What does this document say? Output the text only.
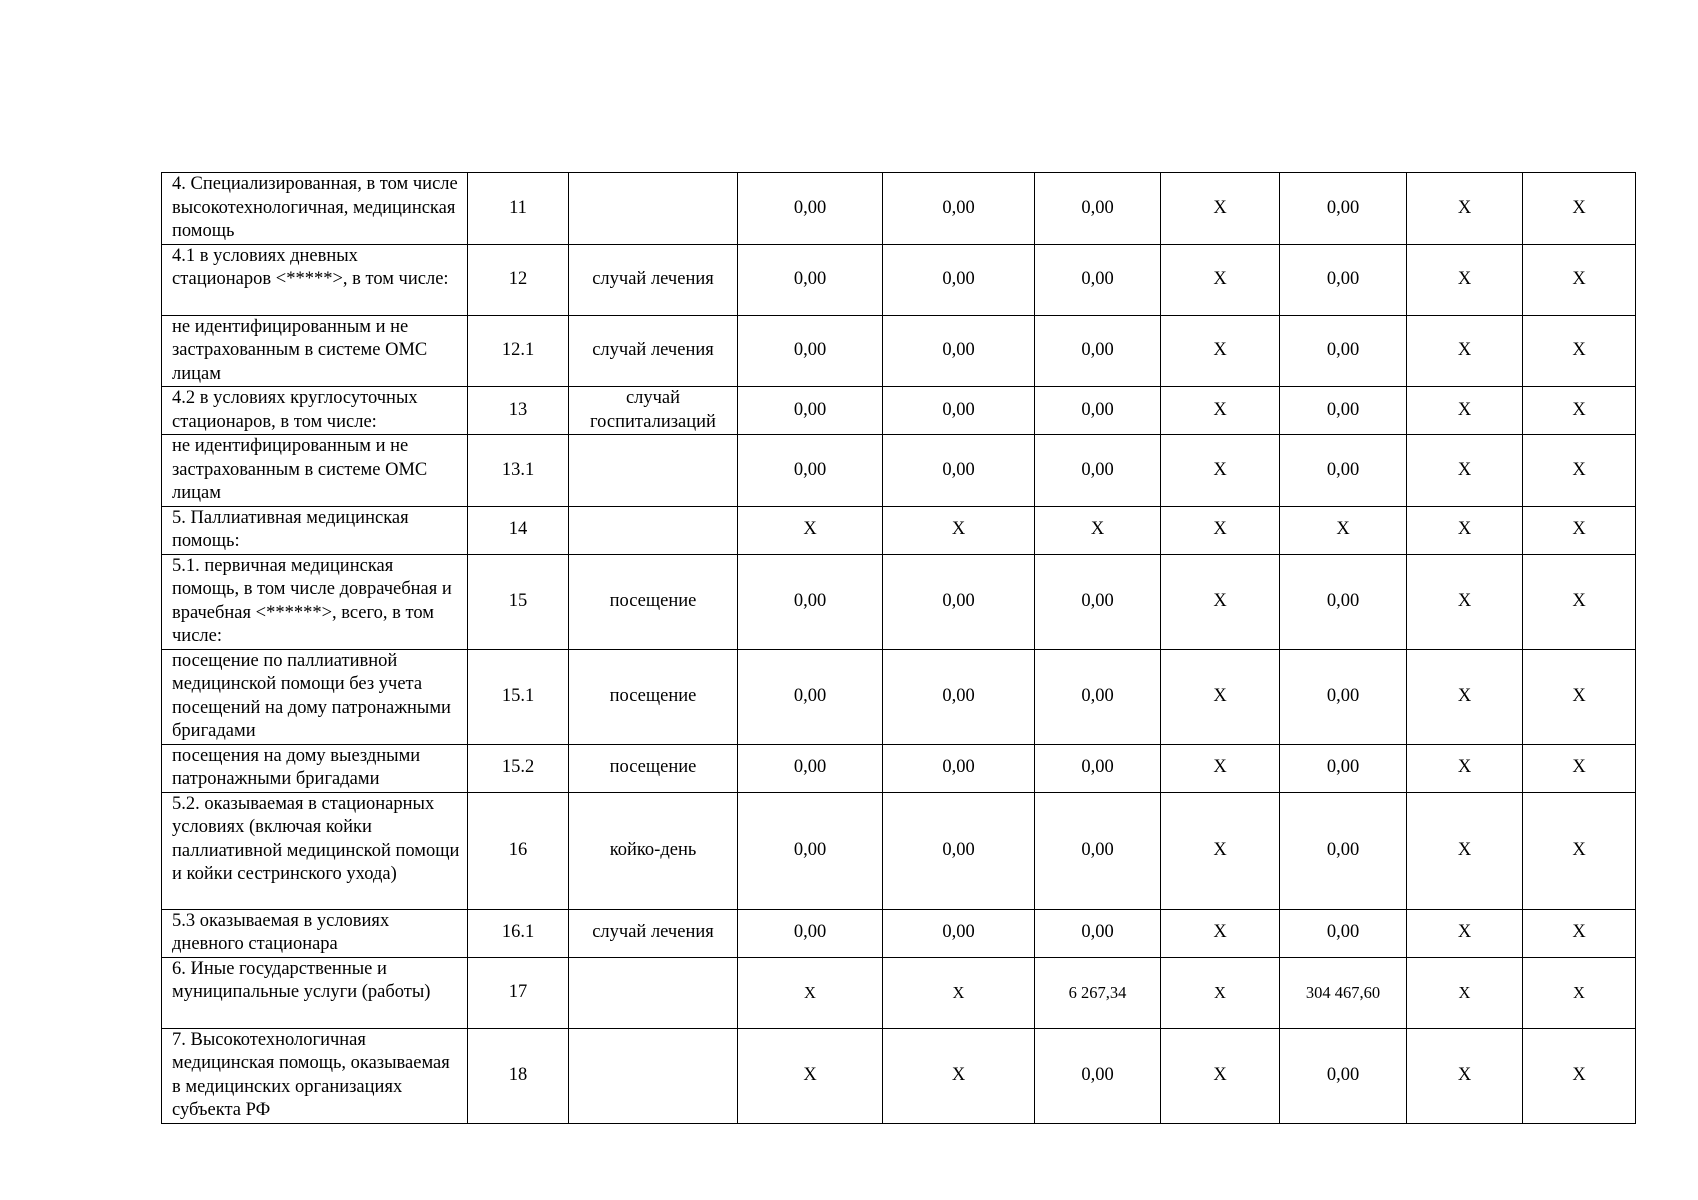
4. Специализированная, в том числе высокотехнологичная, медицинская помощь	11		0,00	0,00	0,00	X	0,00	X	X
4.1 в условиях дневных стационаров <*****>, в том числе:	12	случай лечения	0,00	0,00	0,00	X	0,00	X	X
не идентифицированным и не застрахованным в системе ОМС лицам	12.1	случай лечения	0,00	0,00	0,00	X	0,00	X	X
4.2 в условиях круглосуточных стационаров, в том числе:	13	случай госпитализаций	0,00	0,00	0,00	X	0,00	X	X
не идентифицированным и не застрахованным в системе ОМС лицам	13.1		0,00	0,00	0,00	X	0,00	X	X
5. Паллиативная медицинская помощь:	14		X	X	X	X	X	X	X
5.1. первичная медицинская помощь, в том числе доврачебная и врачебная <******>, всего, в том числе:	15	посещение	0,00	0,00	0,00	X	0,00	X	X
посещение по паллиативной медицинской помощи без учета посещений на дому патронажными бригадами	15.1	посещение	0,00	0,00	0,00	X	0,00	X	X
посещения на дому выездными патронажными бригадами	15.2	посещение	0,00	0,00	0,00	X	0,00	X	X
5.2. оказываемая в стационарных условиях (включая койки паллиативной медицинской помощи и койки сестринского ухода)	16	койко-день	0,00	0,00	0,00	X	0,00	X	X
5.3 оказываемая в условиях дневного стационара	16.1	случай лечения	0,00	0,00	0,00	X	0,00	X	X
6. Иные государственные и муниципальные услуги (работы)	17		X	X	6 267,34	X	304 467,60	X	X
7. Высокотехнологичная медицинская помощь, оказываемая в медицинских организациях субъекта РФ	18		X	X	0,00	X	0,00	X	X
